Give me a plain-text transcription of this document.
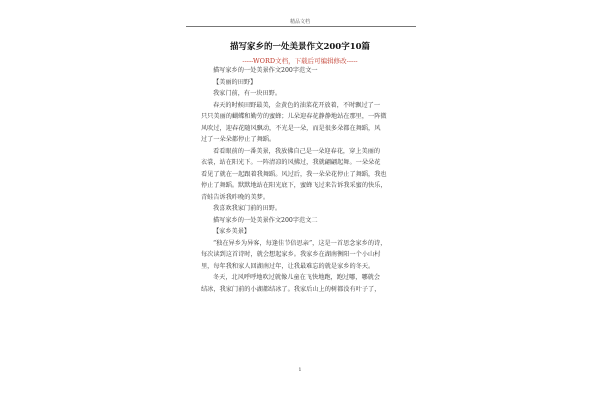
精品文档
描写家乡的一处美景作文200字10篇
-----WORD文档，下载后可编辑修改-----
描写家乡的一处美景作文200字范文一
【美丽的田野】
我家门前，有一块田野。
春天的时候田野最美，金黄色的油菜花开放着，不时飘过了一
只只美丽的蝴蝶和勤劳的蜜蜂；儿朵迎春花静静地站在那里，一阵微
风吹过，迎春花随风飘动，不光是一朵，而是很多朵都在舞蹈，风
过了一朵朵都停止了舞蹈。
看看眼前的一番美景，我放佛自己是一朵迎春花，穿上美丽的
衣裳，站在阳光下。一阵清凉的风拂过，我就翩翩起舞。一朵朵花
看见了就在一起跟着我舞蹈。风过后，我一朵朵花停止了舞蹈，我也
停止了舞蹈。默默地站在阳光底下，蜜蜂飞过来告诉我采蜜的快乐，
青蛙告诉我昨晚的美梦。
我喜欢我家门前的田野。
描写家乡的一处美景作文200字范文二
【家乡美景】
“独在异乡为异客，每逢佳节倍思亲”，这是一首思念家乡的诗，
每次读到这首诗时，就会想起家乡。我家乡在湖南衡阳一个小山村
里，每年我和家人回湖南过年，让我最难忘的就是家乡的冬天。
冬天，北风呼呼地吹过就像儿童在飞快地跑，跑过哪，哪就会
结冰，我家门前的小湖都结冰了。我家后山上的树都没有叶子了，
1
